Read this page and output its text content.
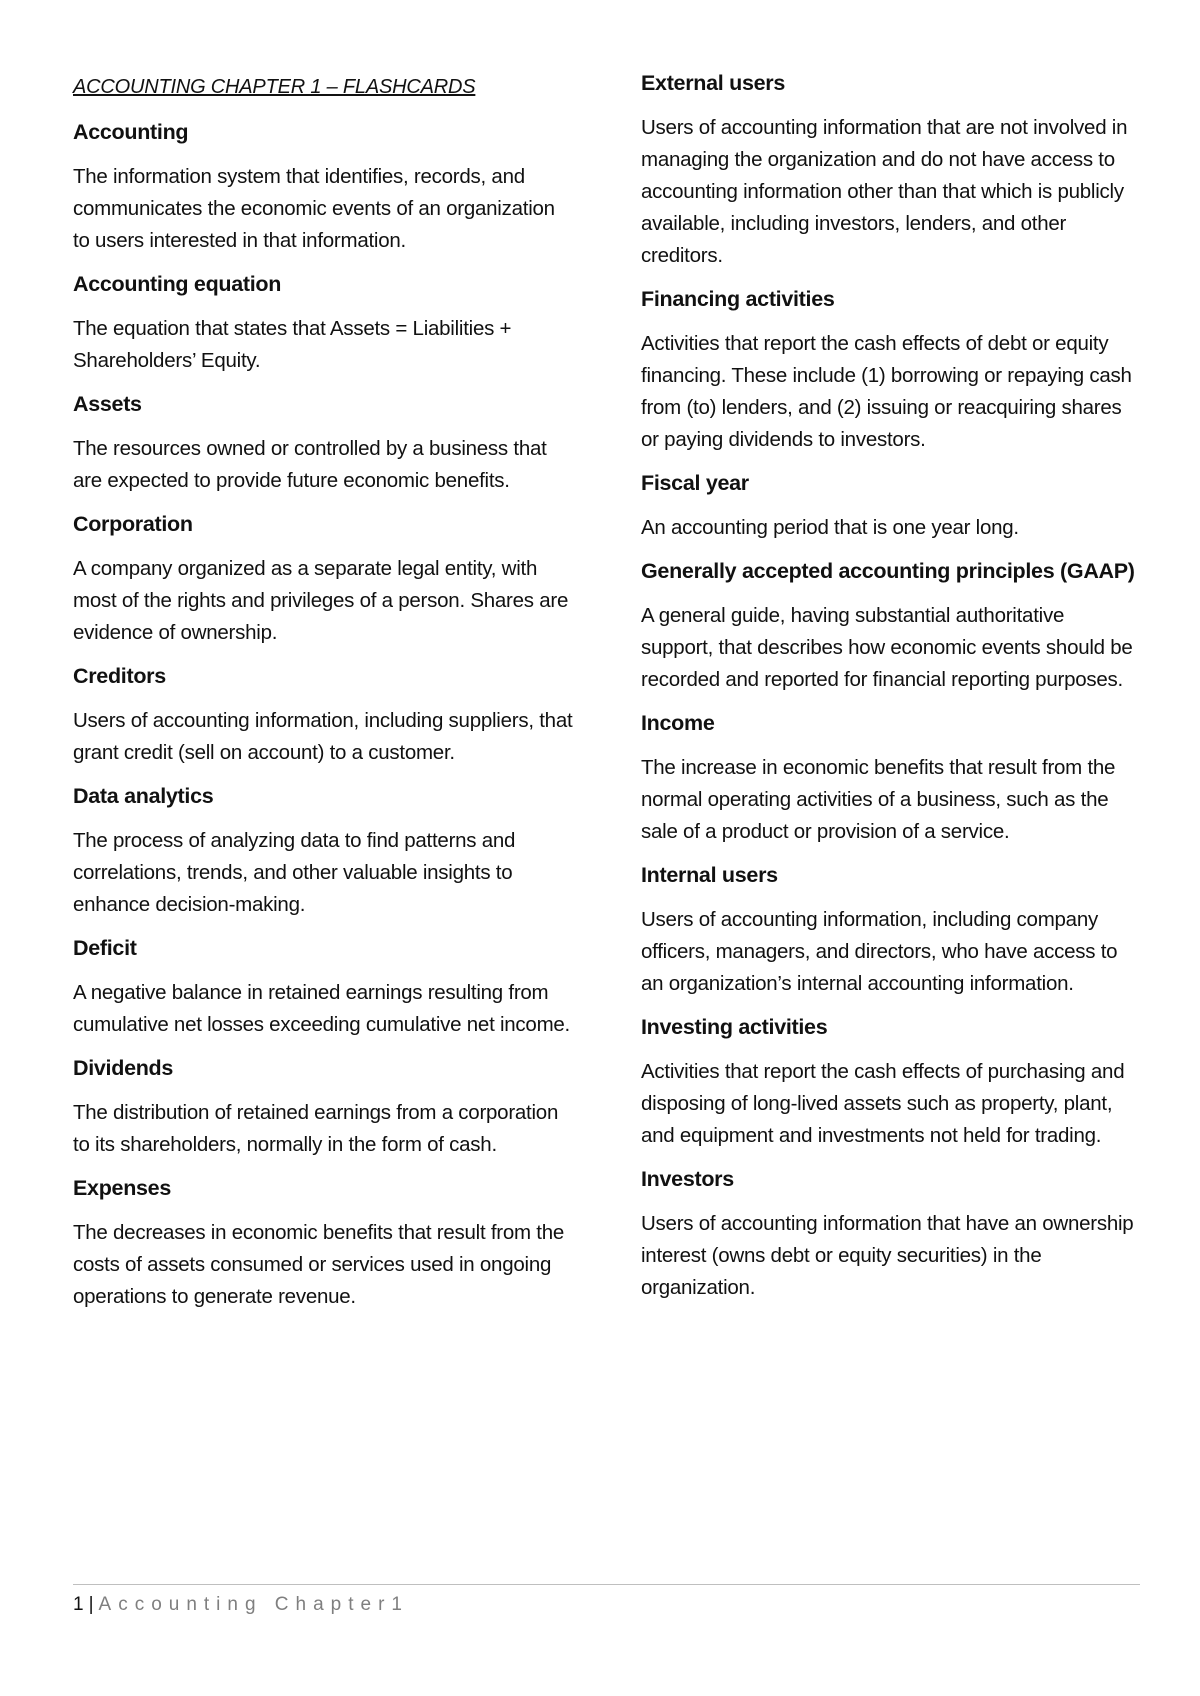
ACCOUNTING CHAPTER 1 – FLASHCARDS
Accounting
The information system that identifies, records, and communicates the economic events of an organization to users interested in that information.
Accounting equation
The equation that states that Assets = Liabilities + Shareholders’ Equity.
Assets
The resources owned or controlled by a business that are expected to provide future economic benefits.
Corporation
A company organized as a separate legal entity, with most of the rights and privileges of a person. Shares are evidence of ownership.
Creditors
Users of accounting information, including suppliers, that grant credit (sell on account) to a customer.
Data analytics
The process of analyzing data to find patterns and correlations, trends, and other valuable insights to enhance decision-making.
Deficit
A negative balance in retained earnings resulting from cumulative net losses exceeding cumulative net income.
Dividends
The distribution of retained earnings from a corporation to its shareholders, normally in the form of cash.
Expenses
The decreases in economic benefits that result from the costs of assets consumed or services used in ongoing operations to generate revenue.
External users
Users of accounting information that are not involved in managing the organization and do not have access to accounting information other than that which is publicly available, including investors, lenders, and other creditors.
Financing activities
Activities that report the cash effects of debt or equity financing. These include (1) borrowing or repaying cash from (to) lenders, and (2) issuing or reacquiring shares or paying dividends to investors.
Fiscal year
An accounting period that is one year long.
Generally accepted accounting principles (GAAP)
A general guide, having substantial authoritative support, that describes how economic events should be recorded and reported for financial reporting purposes.
Income
The increase in economic benefits that result from the normal operating activities of a business, such as the sale of a product or provision of a service.
Internal users
Users of accounting information, including company officers, managers, and directors, who have access to an organization’s internal accounting information.
Investing activities
Activities that report the cash effects of purchasing and disposing of long-lived assets such as property, plant, and equipment and investments not held for trading.
Investors
Users of accounting information that have an ownership interest (owns debt or equity securities) in the organization.
1 | Accounting Chapter1
